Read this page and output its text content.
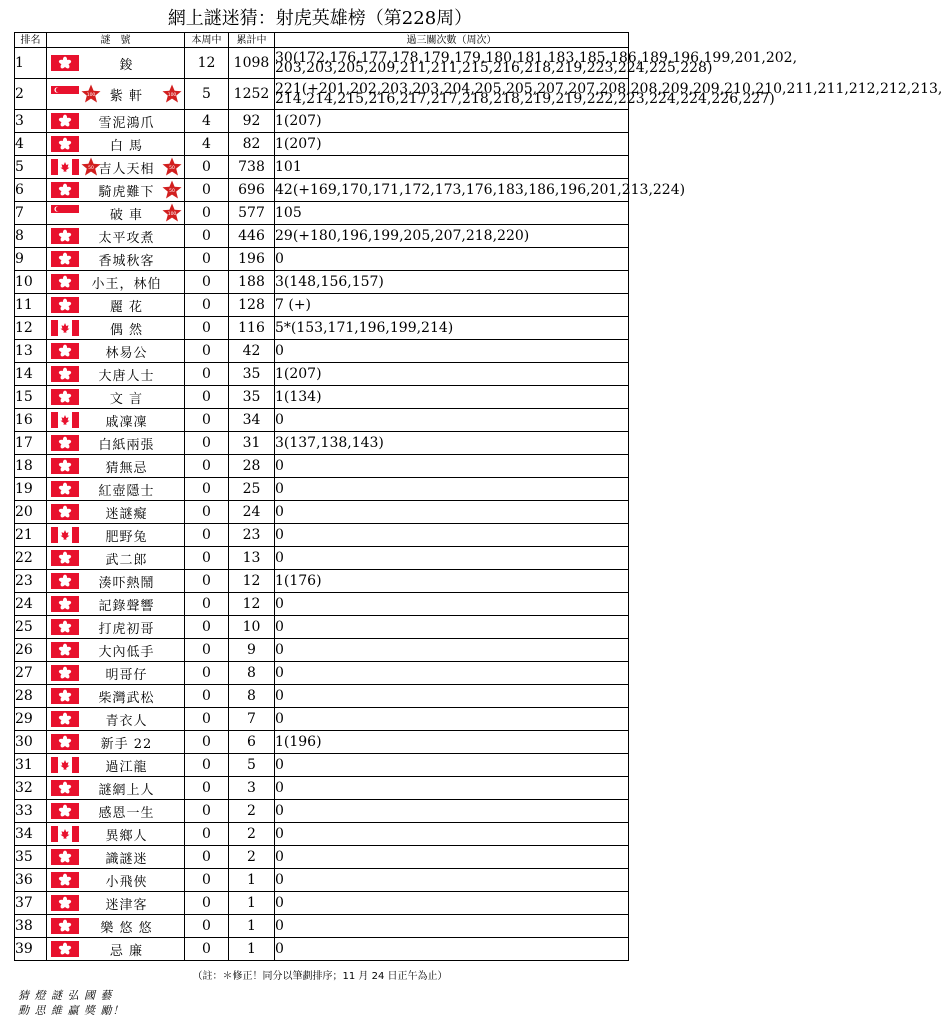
網上謎迷猜：射虎英雄榜（第228周）
排名	謎　號	本周中	累計中	過三關次數（周次）
1	鋑	12	1098	30(172,176,177,178,179,179,180,181,183,185,186,189,196,199,201,202,
203,203,205,209,211,211,215,216,218,219,223,224,225,228)
2	100 紫 軒 100	5	1252	221(+201,202,203,203,204,205,205,207,207,208,208,209,209,210,210,211,211,212,212,213,
214,214,215,216,217,217,218,218,219,219,222,223,224,224,226,227)
3	雪泥鴻爪	4	92	1(207)
4	白 馬	4	82	1(207)
5	50 吉人天相 50	0	738	101
6	騎虎難下 50	0	696	42(+169,170,171,172,173,176,183,186,196,201,213,224)
7	破 車 100	0	577	105
8	太平攻煮	0	446	29(+180,196,199,205,207,218,220)
9	香城秋客	0	196	0
10	小王，林伯	0	188	3(148,156,157)
11	麗 花	0	128	7 (+)
12	偶 然	0	116	5*(153,171,196,199,214)
13	林易公	0	42	0
14	大唐人士	0	35	1(207)
15	文 言	0	35	1(134)
16	戚凜凜	0	34	0
17	白紙兩張	0	31	3(137,138,143)
18	猜無忌	0	28	0
19	紅壺隱士	0	25	0
20	迷謎癡	0	24	0
21	肥野兔	0	23	0
22	武二郎	0	13	0
23	湊吓熱鬧	0	12	1(176)
24	記錄聲響	0	12	0
25	打虎初哥	0	10	0
26	大內低手	0	9	0
27	明哥仔	0	8	0
28	柴灣武松	0	8	0
29	青衣人	0	7	0
30	新手 22	0	6	1(196)
31	過江龍	0	5	0
32	謎網上人	0	3	0
33	感恩一生	0	2	0
34	異鄉人	0	2	0
35	識謎迷	0	2	0
36	小飛俠	0	1	0
37	迷津客	0	1	0
38	樂 悠 悠	0	1	0
39	忌 廉	0	1	0
（註：＊修正！同分以筆劃排序；11 月 24 日正午為止）
猜 燈 謎 弘 國 藝
動 思 維 贏 獎 勵！
